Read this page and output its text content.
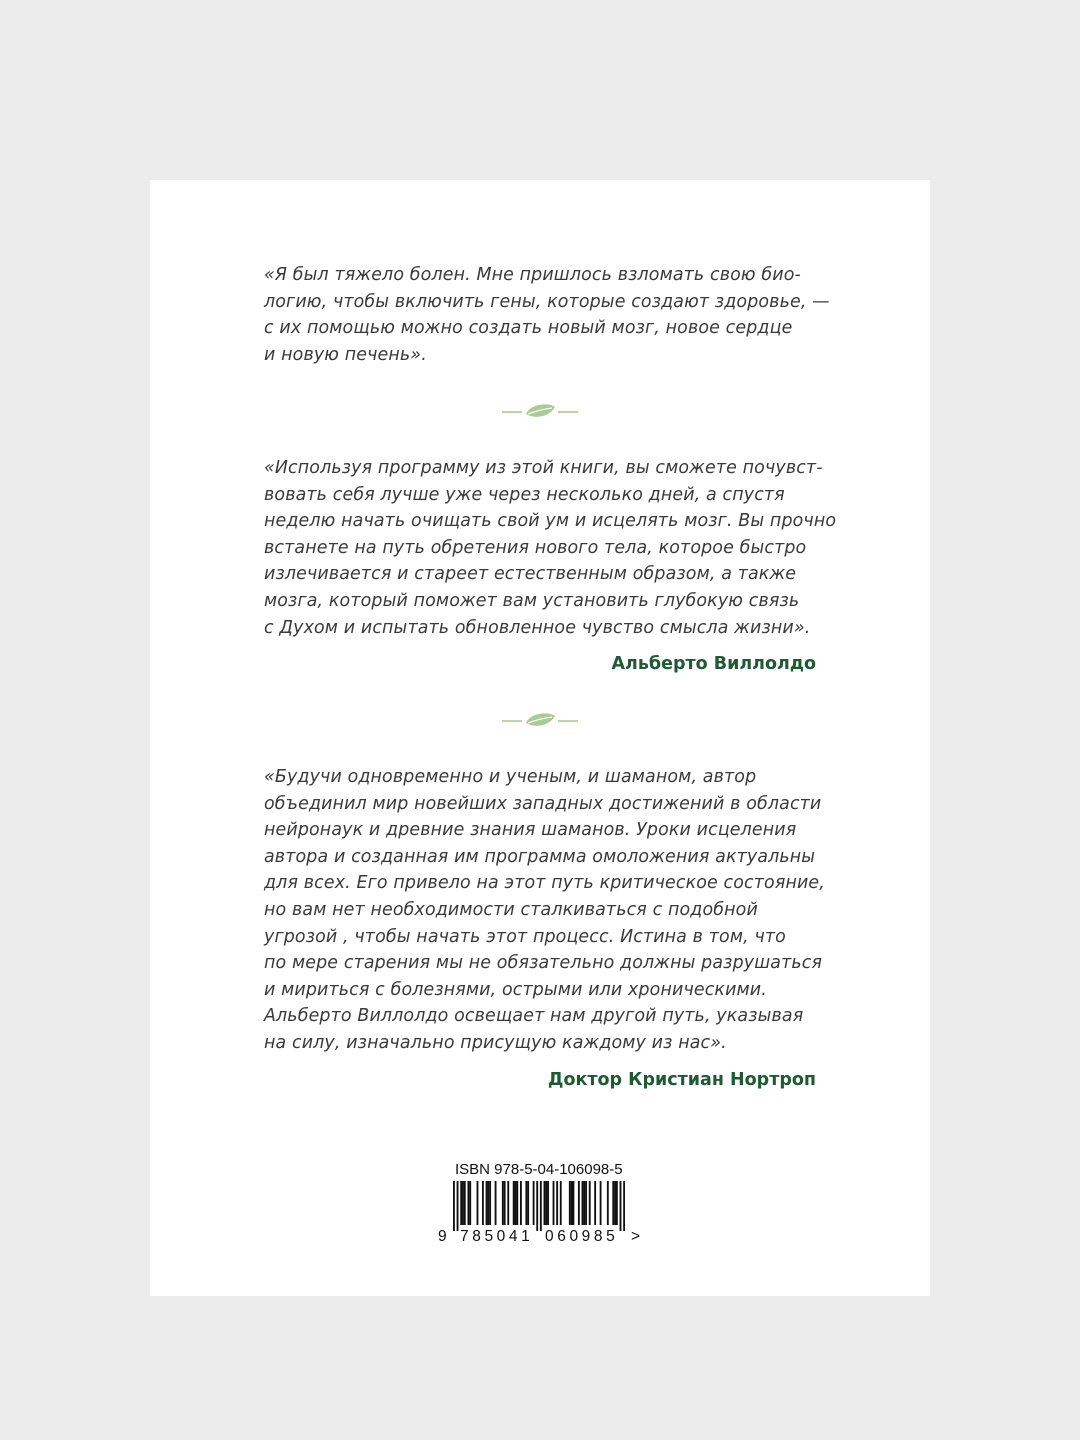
«Я был тяжело болен. Мне пришлось взломать свою био-
логию, чтобы включить гены, которые создают здоровье, —
с их помощью можно создать новый мозг, новое сердце
и новую печень».
«Используя программу из этой книги, вы сможете почувст-
вовать себя лучше уже через несколько дней, а спустя
неделю начать очищать свой ум и исцелять мозг. Вы прочно
встанете на путь обретения нового тела, которое быстро
излечивается и стареет естественным образом, а также
мозга, который поможет вам установить глубокую связь
с Духом и испытать обновленное чувство смысла жизни».
Альберто Виллолдо
«Будучи одновременно и ученым, и шаманом, автор
объединил мир новейших западных достижений в области
нейронаук и древние знания шаманов. Уроки исцеления
автора и созданная им программа омоложения актуальны
для всех. Его привело на этот путь критическое состояние,
но вам нет необходимости сталкиваться с подобной
угрозой , чтобы начать этот процесс. Истина в том, что
по мере старения мы не обязательно должны разрушаться
и мириться с болезнями, острыми или хроническими.
Альберто Виллолдо освещает нам другой путь, указывая
на силу, изначально присущую каждому из нас».
Доктор Кристиан Нортроп
ISBN 978-5-04-106098-5
9 785041 060985 >
